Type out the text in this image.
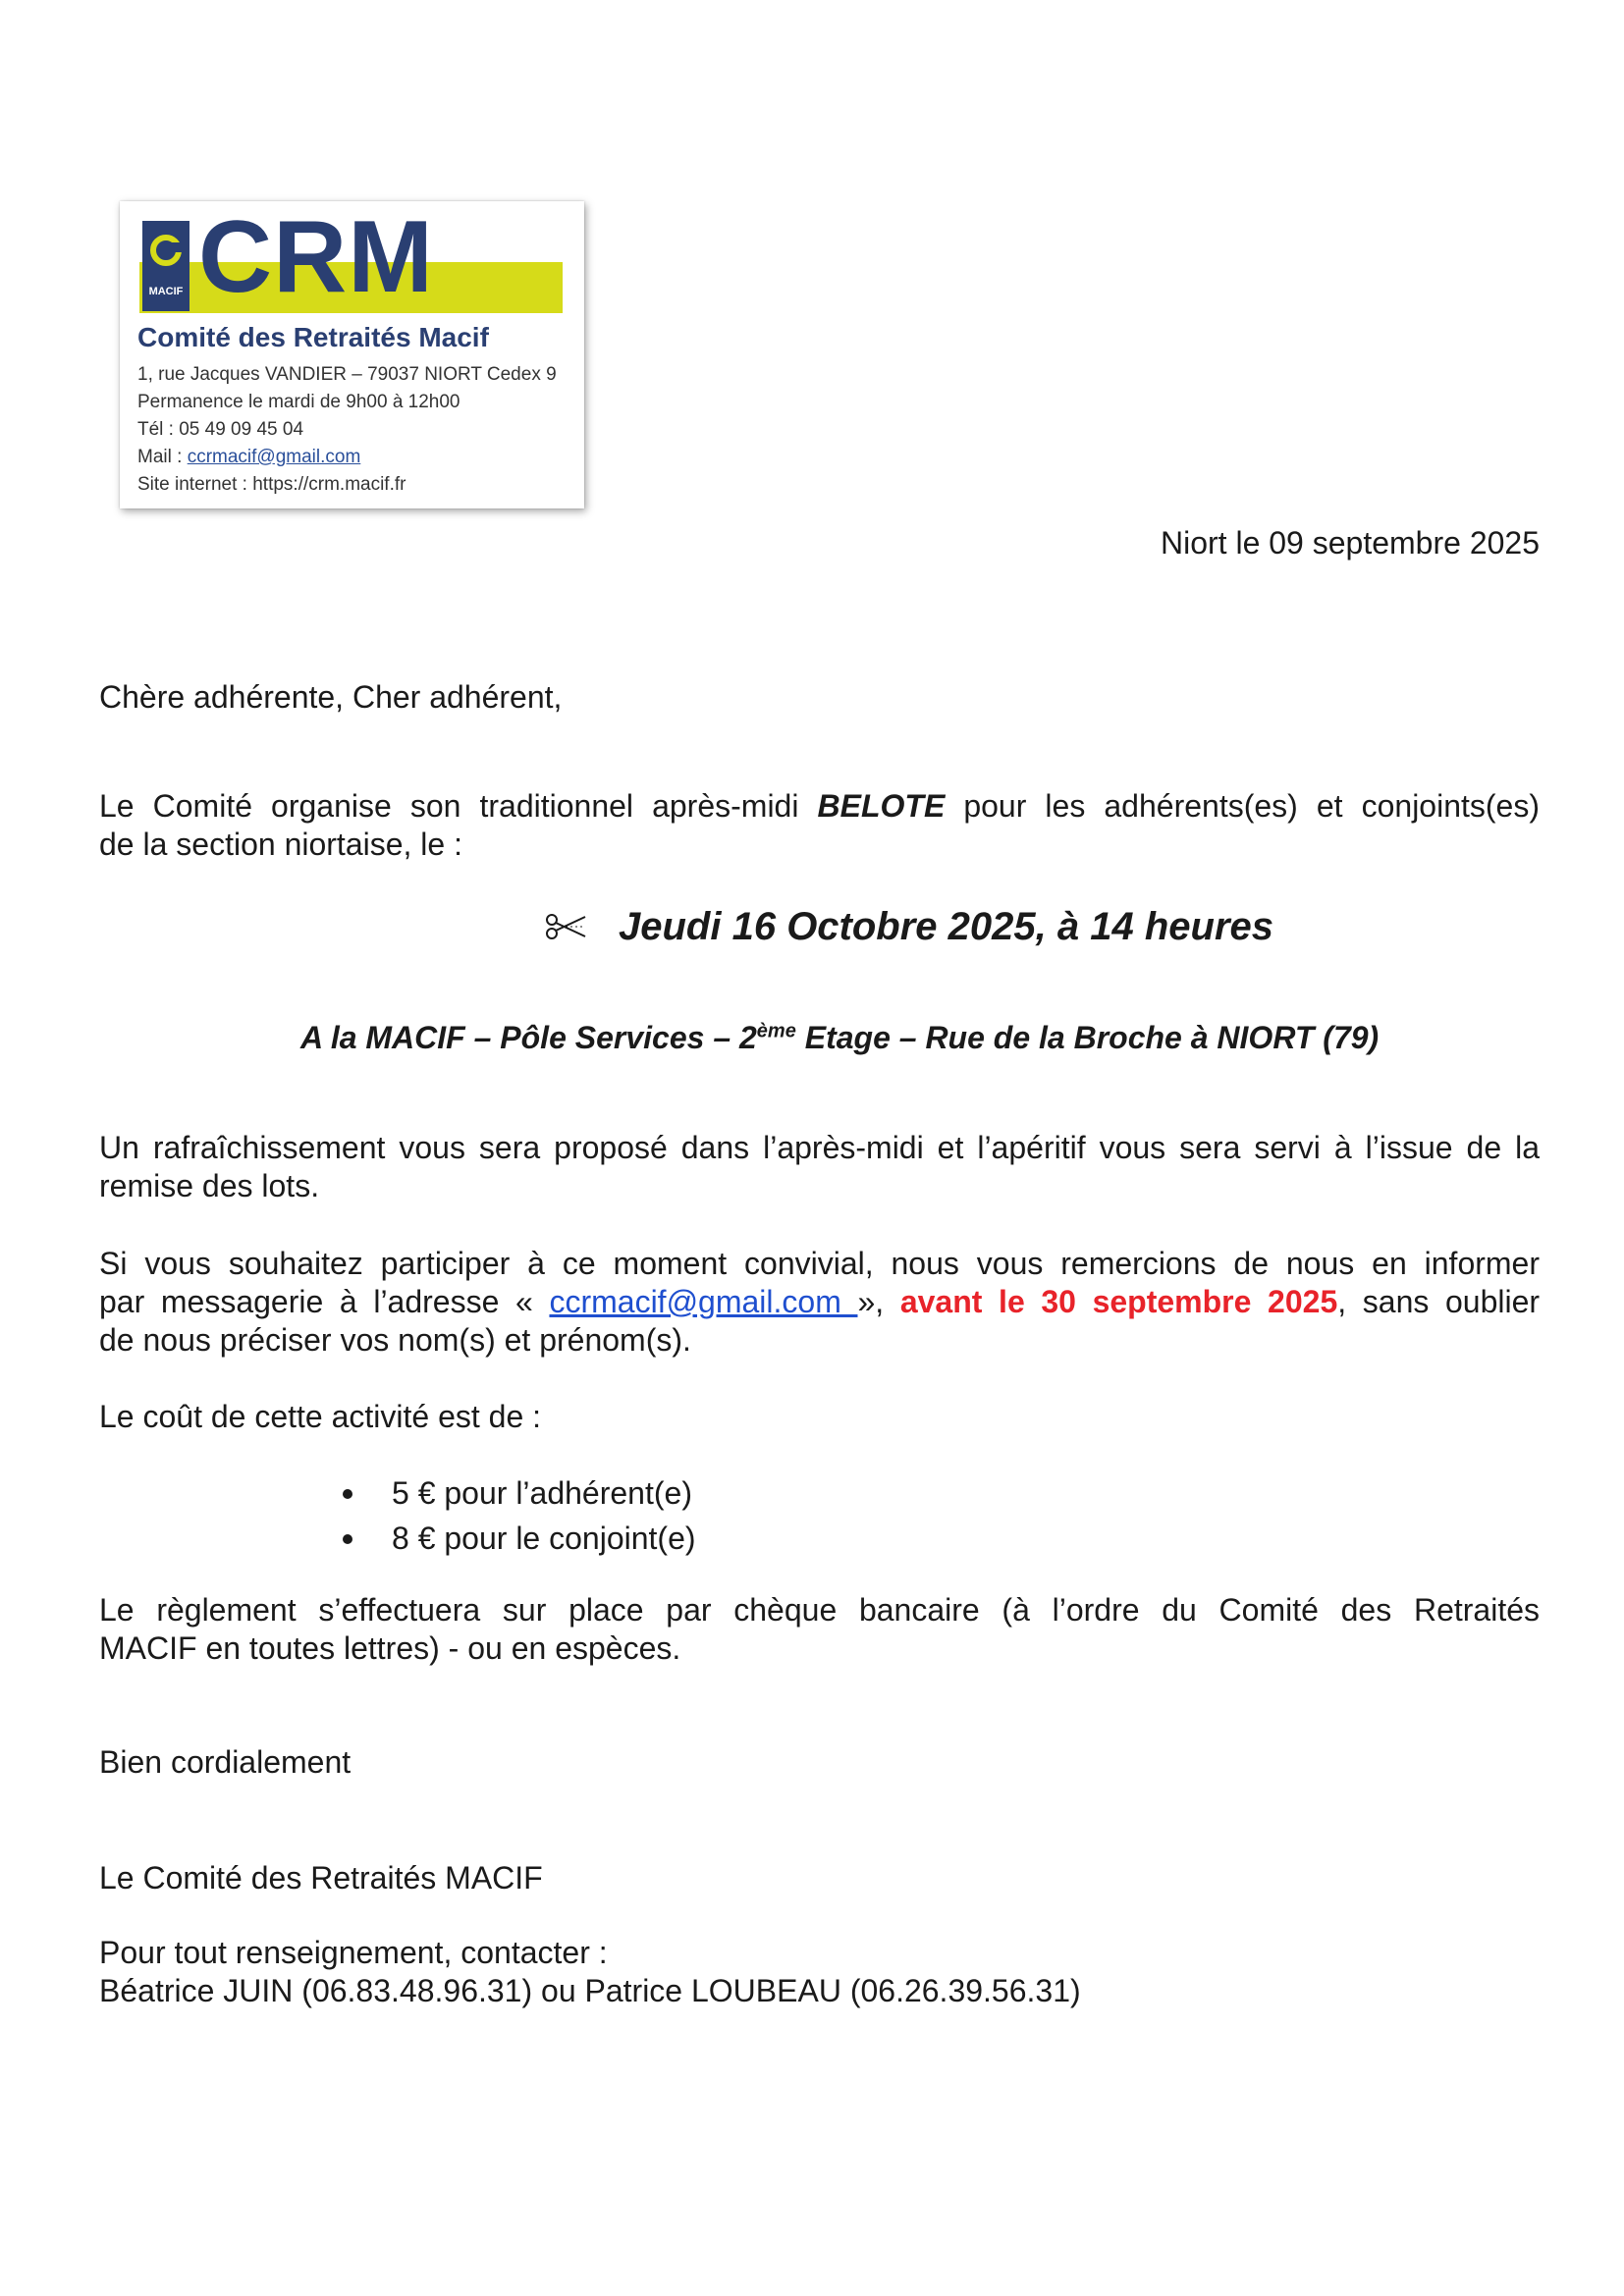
MACIF CRM
Comité des Retraités Macif
1, rue Jacques VANDIER – 79037 NIORT Cedex 9
Permanence le mardi de 9h00 à 12h00
Tél : 05 49 09 45 04
Mail : ccrmacif@gmail.com
Site internet : https://crm.macif.fr
Niort le 09 septembre 2025
Chère adhérente, Cher adhérent,
Le Comité organise son traditionnel après-midi BELOTE pour les adhérents(es) et conjoints(es)
de la section niortaise, le :
Jeudi 16 Octobre 2025, à 14 heures
A la MACIF – Pôle Services – 2ème Etage – Rue de la Broche à NIORT (79)
Un rafraîchissement vous sera proposé dans l’après-midi et l’apéritif vous sera servi à l’issue de la
remise des lots.
Si vous souhaitez participer à ce moment convivial, nous vous remercions de nous en informer
par messagerie à l’adresse « ccrmacif@gmail.com », avant le 30 septembre 2025, sans oublier
de nous préciser vos nom(s) et prénom(s).
Le coût de cette activité est de :
5 € pour l’adhérent(e)
8 € pour le conjoint(e)
Le règlement s’effectuera sur place par chèque bancaire (à l’ordre du Comité des Retraités
MACIF en toutes lettres) - ou en espèces.
Bien cordialement
Le Comité des Retraités MACIF
Pour tout renseignement, contacter :
Béatrice JUIN (06.83.48.96.31) ou Patrice LOUBEAU (06.26.39.56.31)
